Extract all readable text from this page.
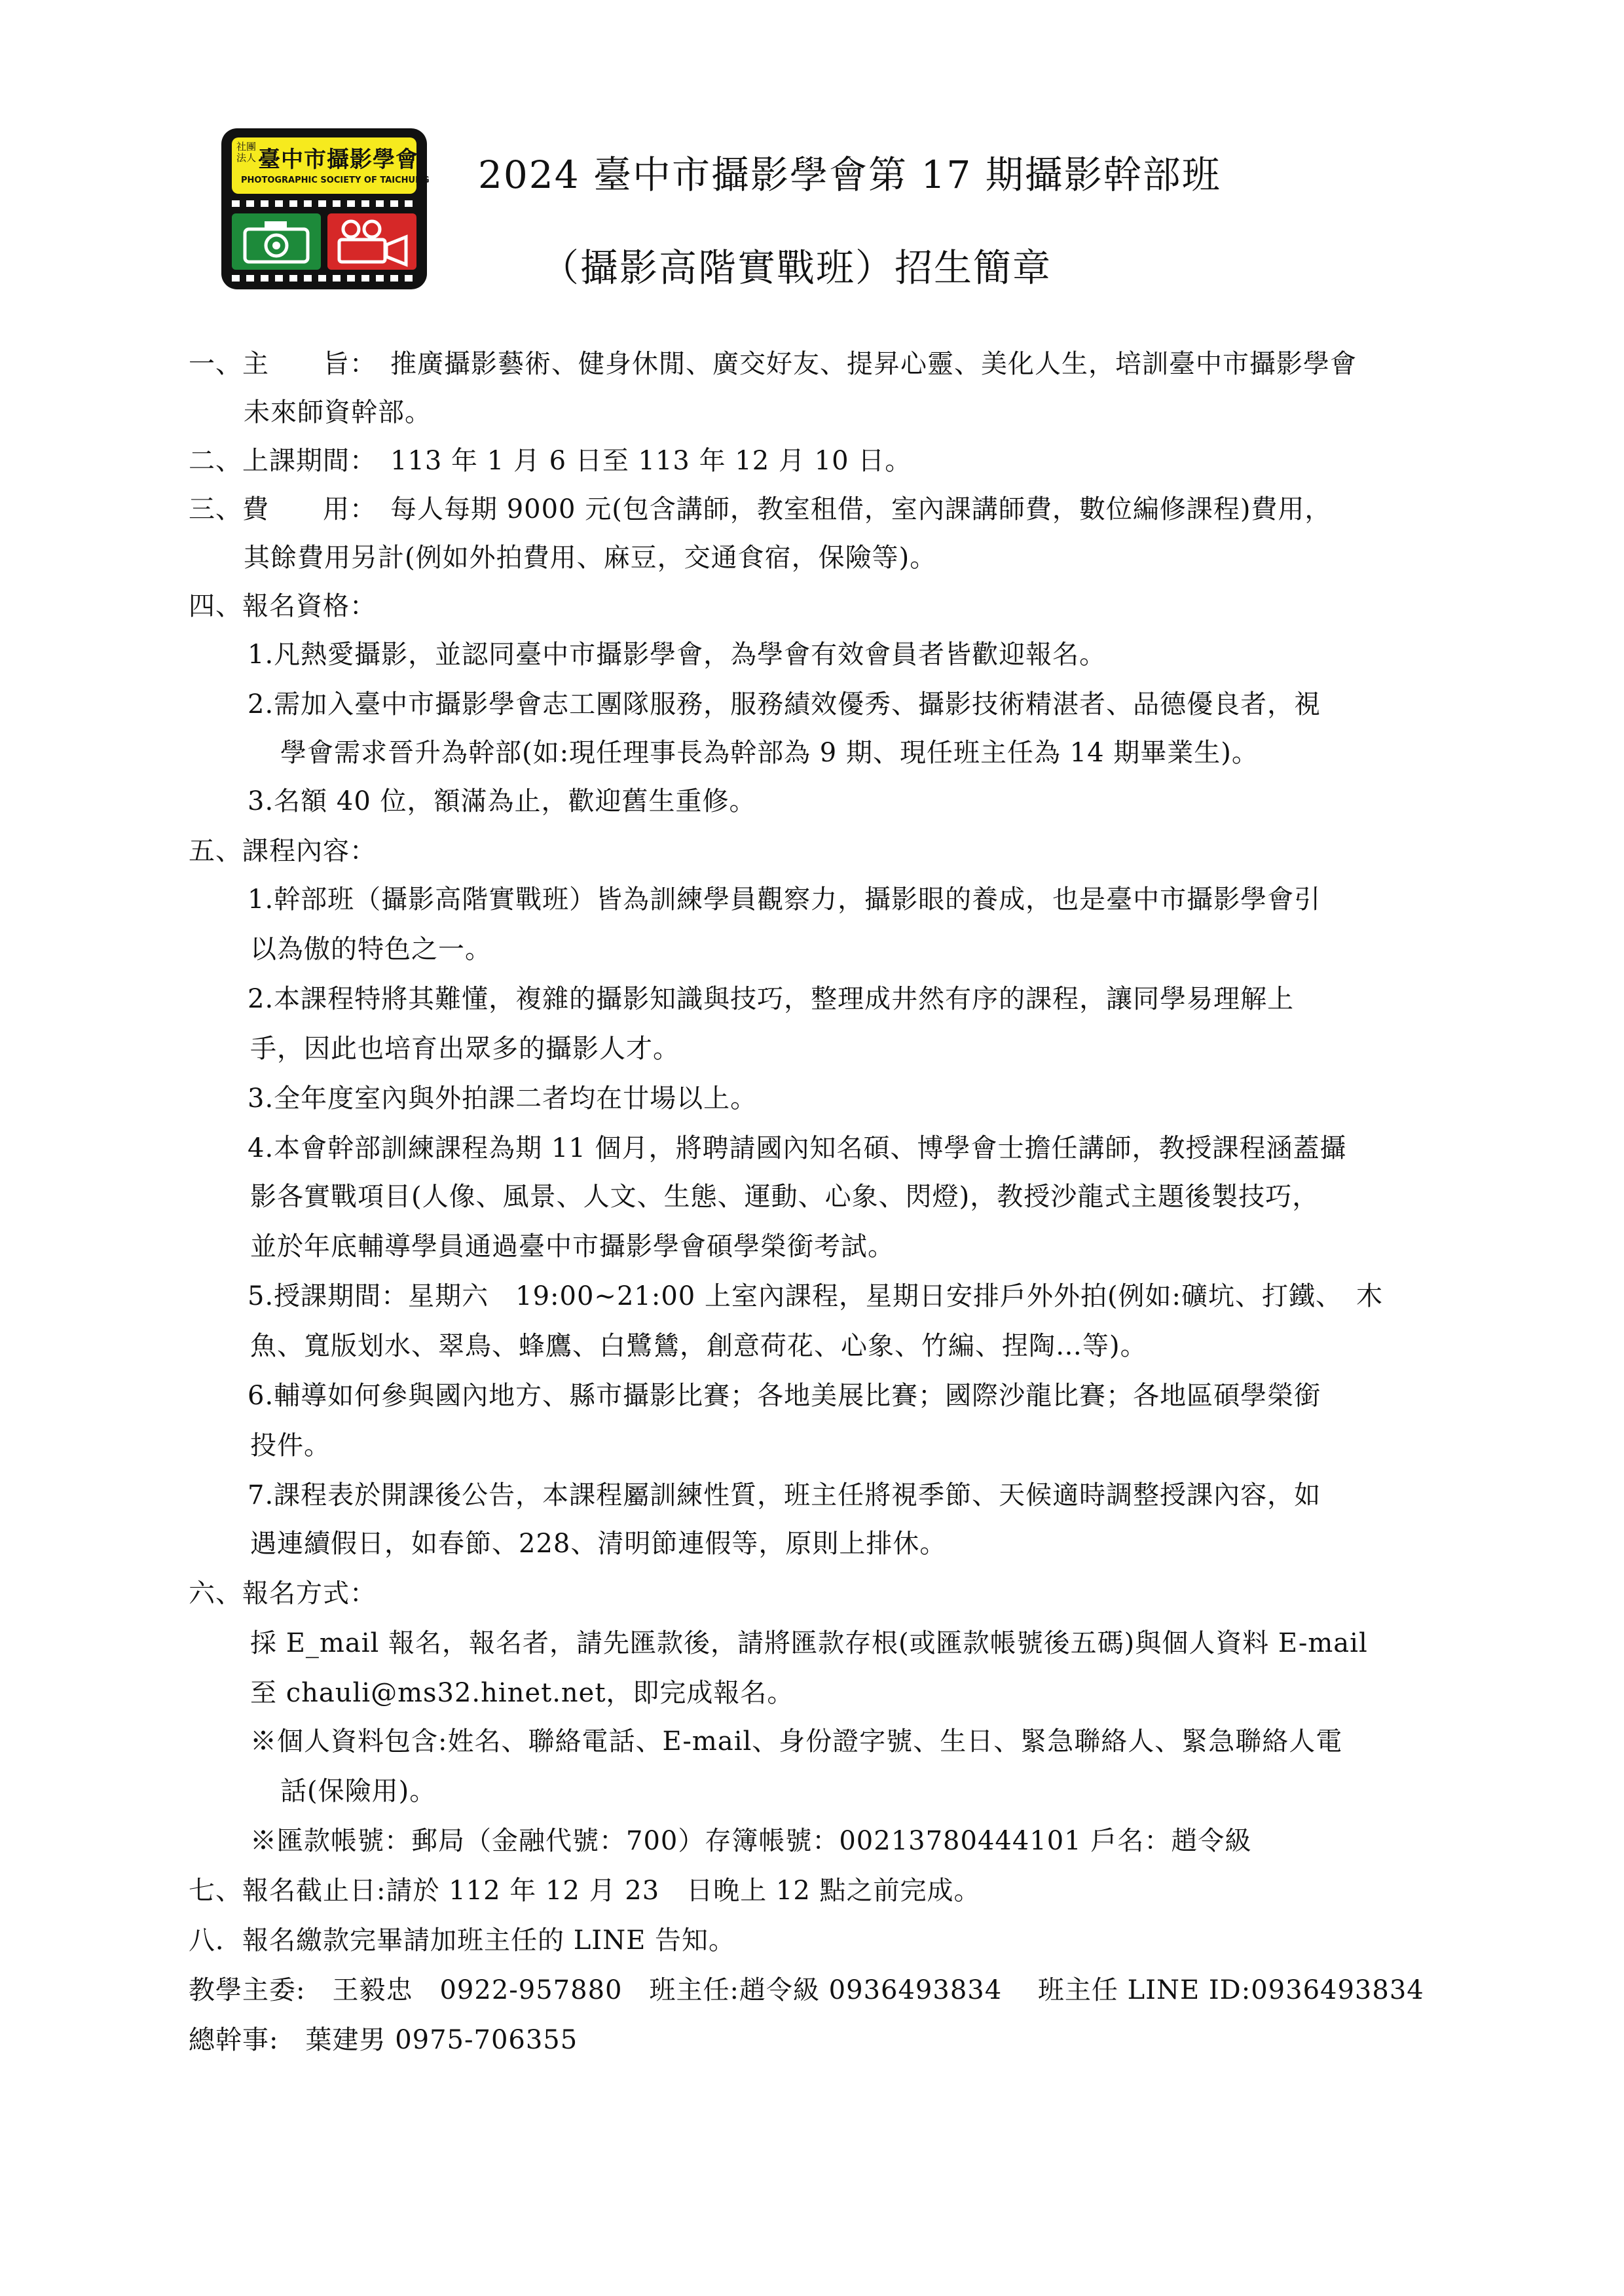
社團法人 臺中市攝影學會
PHOTOGRAPHIC SOCIETY OF TAICHUNG 2024 臺中市攝影學會第 17 期攝影幹部班
（攝影高階實戰班）招生簡章
一、主　　旨：　推廣攝影藝術、健身休閒、廣交好友、提昇心靈、美化人生，培訓臺中市攝影學會
未來師資幹部。
二、上課期間：　113 年 1 月 6 日至 113 年 12 月 10 日。
三、費　　用：　每人每期 9000 元(包含講師，教室租借，室內課講師費，數位編修課程)費用，
其餘費用另計(例如外拍費用、麻豆，交通食宿，保險等)。
四、報名資格：
1.凡熱愛攝影，並認同臺中市攝影學會，為學會有效會員者皆歡迎報名。
2.需加入臺中市攝影學會志工團隊服務，服務績效優秀、攝影技術精湛者、品德優良者，視
學會需求晉升為幹部(如:現任理事長為幹部為 9 期、現任班主任為 14 期畢業生)。
3.名額 40 位，額滿為止，歡迎舊生重修。
五、課程內容：
1.幹部班（攝影高階實戰班）皆為訓練學員觀察力，攝影眼的養成，也是臺中市攝影學會引
以為傲的特色之一。
2.本課程特將其難懂，複雜的攝影知識與技巧，整理成井然有序的課程，讓同學易理解上
手，因此也培育出眾多的攝影人才。
3.全年度室內與外拍課二者均在廿場以上。
4.本會幹部訓練課程為期 11 個月，將聘請國內知名碩、博學會士擔任講師，教授課程涵蓋攝
影各實戰項目(人像、風景、人文、生態、運動、心象、閃燈)，教授沙龍式主題後製技巧，
並於年底輔導學員通過臺中市攝影學會碩學榮銜考試。
5.授課期間：星期六　19:00~21:00 上室內課程，星期日安排戶外外拍(例如:礦坑、打鐵、　木
魚、寬版划水、翠鳥、蜂鷹、白鷺鷥，創意荷花、心象、竹編、捏陶…等)。
6.輔導如何參與國內地方、縣市攝影比賽；各地美展比賽；國際沙龍比賽；各地區碩學榮銜
投件。
7.課程表於開課後公告，本課程屬訓練性質，班主任將視季節、天候適時調整授課內容，如
遇連續假日，如春節、228、清明節連假等，原則上排休。
六、報名方式：
採 E_mail 報名，報名者，請先匯款後，請將匯款存根(或匯款帳號後五碼)與個人資料 E-mail
至 chauli@ms32.hinet.net，即完成報名。
※個人資料包含:姓名、聯絡電話、E-mail、身份證字號、生日、緊急聯絡人、緊急聯絡人電
話(保險用)。
※匯款帳號：郵局（金融代號：700）存簿帳號：00213780444101 戶名：趙令級
七、報名截止日:請於 112 年 12 月 23　日晚上 12 點之前完成。
八．報名繳款完畢請加班主任的 LINE 告知。
教學主委:　王毅忠　0922-957880　班主任:趙令級 0936493834　 班主任 LINE ID:0936493834
總幹事:　葉建男 0975-706355
